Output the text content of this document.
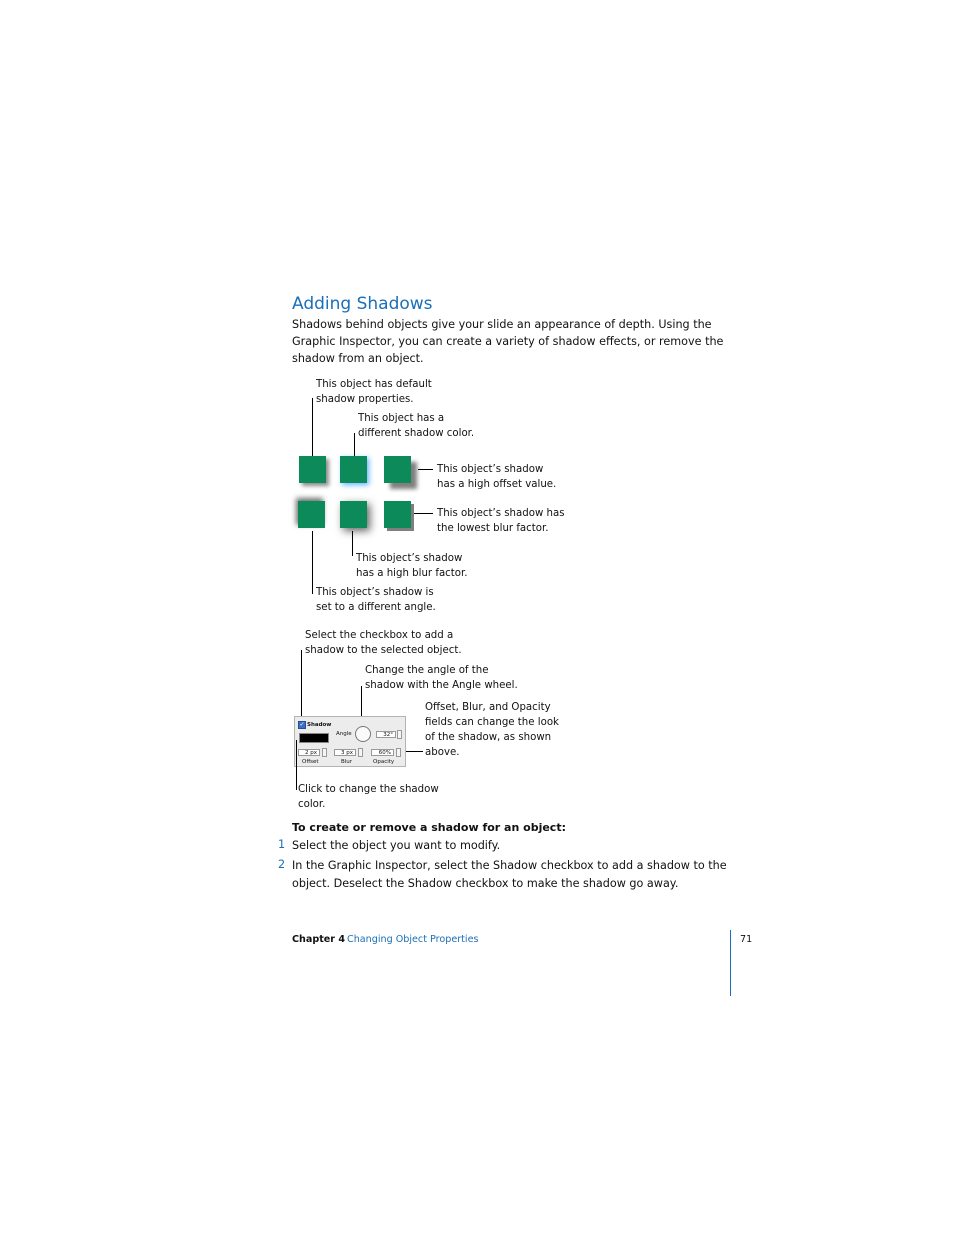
Adding Shadows

Shadows behind objects give your slide an appearance of depth. Using the Graphic Inspector, you can create a variety of shadow effects, or remove the shadow from an object.

This object has default
shadow properties.
This object has a
different shadow color.
This object’s shadow
has a high offset value.
This object’s shadow has
the lowest blur factor.
This object’s shadow
has a high blur factor.
This object’s shadow is
set to a different angle.
Select the checkbox to add a
shadow to the selected object.
Change the angle of the
shadow with the Angle wheel.
Offset, Blur, and Opacity
fields can change the look
of the shadow, as shown
above.
✓ Shadow
Angle	32°
2 px
Offset
3 px
Blur
60%
Opacity
Click to change the shadow
color.
To create or remove a shadow for an object:
1 Select the object you want to modify.
2 In the Graphic Inspector, select the Shadow checkbox to add a shadow to the object. Deselect the Shadow checkbox to make the shadow go away.
Chapter 4 Changing Object Properties	71
